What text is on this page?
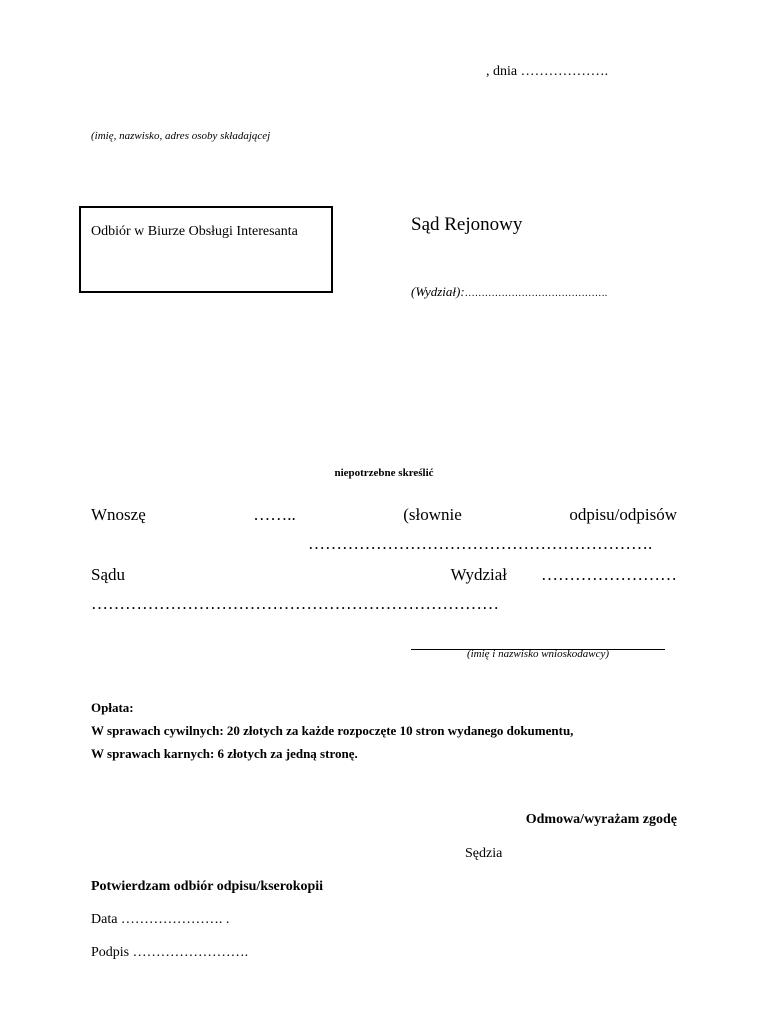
, dnia ……………….
(imię, nazwisko, adres osoby składającej
Odbiór w Biurze Obsługi Interesanta	Sąd Rejonowy
(Wydział):…………………………………….
niepotrzebne skreślić
Wnoszę	……..	(słownie	odpisu/odpisów
…………………………………………………….
Sądu	Wydział ……………………
………………………………………………………………
(imię i nazwisko wnioskodawcy)
Opłata:
W sprawach cywilnych: 20 złotych za każde rozpoczęte 10 stron wydanego dokumentu,
W sprawach karnych: 6 złotych za jedną stronę.
Odmowa/wyrażam zgodę
Sędzia
Potwierdzam odbiór odpisu/kserokopii
Data …………………. .
Podpis …………………….
